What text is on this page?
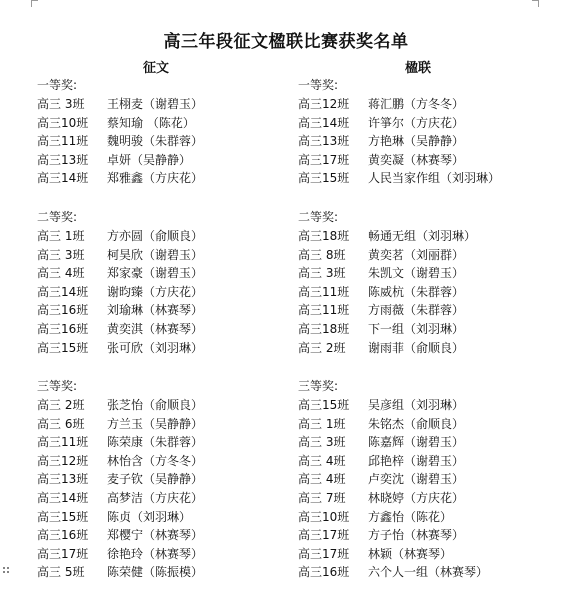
高三年段征文楹联比赛获奖名单
征文	楹联
一等奖:
高三 3班 王栩麦（谢碧玉）
高三10班 蔡知瑜 （陈花）
高三11班 魏明骏（朱群蓉）
高三13班 卓妍（吴静静）
高三14班 郑雅鑫（方庆花）
二等奖:
高三 1班 方亦圆（俞顺良）
高三 3班 柯昊欣（谢碧玉）
高三 4班 郑家豪（谢碧玉）
高三14班 谢昀臻（方庆花）
高三16班 刘瑜琳（林赛琴）
高三16班 黄奕淇（林赛琴）
高三15班 张可欣（刘羽琳）
三等奖:
高三 2班 张芝怡（俞顺良）
高三 6班 方兰玉（吴静静）
高三11班 陈荣康（朱群蓉）
高三12班 林怡含（方冬冬）
高三13班 麦子钦（吴静静）
高三14班 高梦洁（方庆花）
高三15班 陈贞（刘羽琳）
高三16班 郑樱宁（林赛琴）
高三17班 徐艳玲（林赛琴）
高三 5班 陈荣健（陈振模）
一等奖:
高三12班 蒋汇鹏（方冬冬）
高三14班 许箏尔（方庆花）
高三13班 方艳琳（吴静静）
高三17班 黄奕凝（林赛琴）
高三15班 人民当家作组（刘羽琳）
二等奖:
高三18班 畅通无组（刘羽琳）
高三 8班 黄奕茗（刘丽群）
高三 3班 朱凯文（谢碧玉）
高三11班 陈威杭（朱群蓉）
高三11班 方雨薇（朱群蓉）
高三18班 下一组（刘羽琳）
高三 2班 谢雨菲（俞顺良）
三等奖:
高三15班 吴彦组（刘羽琳）
高三 1班 朱铭杰（俞顺良）
高三 3班 陈嘉辉（谢碧玉）
高三 4班 邱艳梓（谢碧玉）
高三 4班 卢奕沈（谢碧玉）
高三 7班 林晓婷（方庆花）
高三10班 方鑫怡（陈花）
高三17班 方子怡（林赛琴）
高三17班 林颖（林赛琴）
高三16班 六个人一组（林赛琴）
